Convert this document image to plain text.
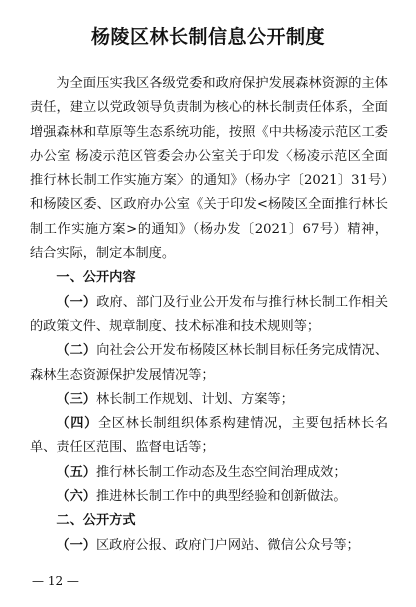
杨陵区林长制信息公开制度

为全面压实我区各级党委和政府保护发展森林资源的主体责任，建立以党政领导负责制为核心的林长制责任体系，全面增强森林和草原等生态系统功能，按照《中共杨凌示范区工委办公室 杨凌示范区管委会办公室关于印发〈杨凌示范区全面推行林长制工作实施方案〉的通知》（杨办字〔2021〕31号）和杨陵区委、区政府办公室《关于印发<杨陵区全面推行林长制工作实施方案>的通知》（杨办发〔2021〕67号）精神，结合实际，制定本制度。

一、公开内容

（一）政府、部门及行业公开发布与推行林长制工作相关的政策文件、规章制度、技术标准和技术规则等；

（二）向社会公开发布杨陵区林长制目标任务完成情况、森林生态资源保护发展情况等；

（三）林长制工作规划、计划、方案等；

（四）全区林长制组织体系构建情况，主要包括林长名单、责任区范围、监督电话等；

（五）推行林长制工作动态及生态空间治理成效；

（六）推进林长制工作中的典型经验和创新做法。

二、公开方式

（一）区政府公报、政府门户网站、微信公众号等；

— 12 —
